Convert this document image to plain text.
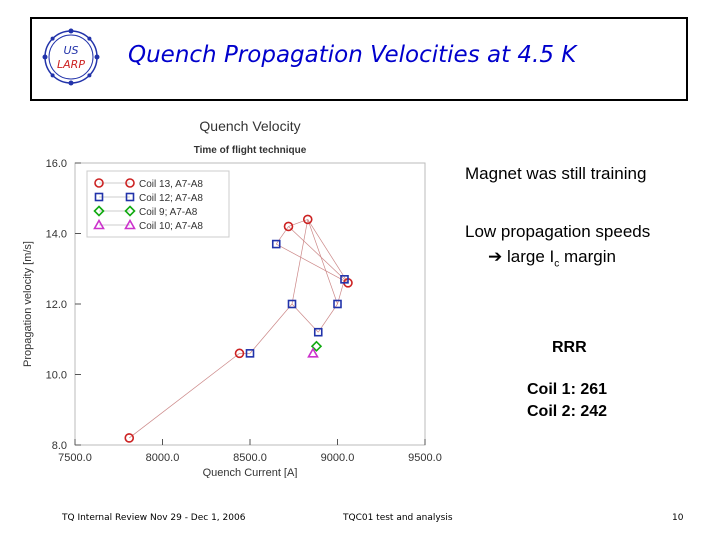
US
LARP Quench Propagation Velocities at 4.5 K
Quench Velocity
Time of flight technique
8.0
10.0
12.0
14.0
16.0
7500.0	8000.0	8500.0	9000.0	9500.0
Quench Current [A]
Propagation velocity [m/s]
Coil 13, A7-A8
Coil 12; A7-A8
Coil 9; A7-A8
Coil 10; A7-A8
Magnet was still training
Low propagation speeds
➔ large $I_c$ margin
RRR
Coil 1: 261
Coil 2: 242
TQ Internal Review Nov 29 - Dec 1, 2006	TQC01 test and analysis	10
